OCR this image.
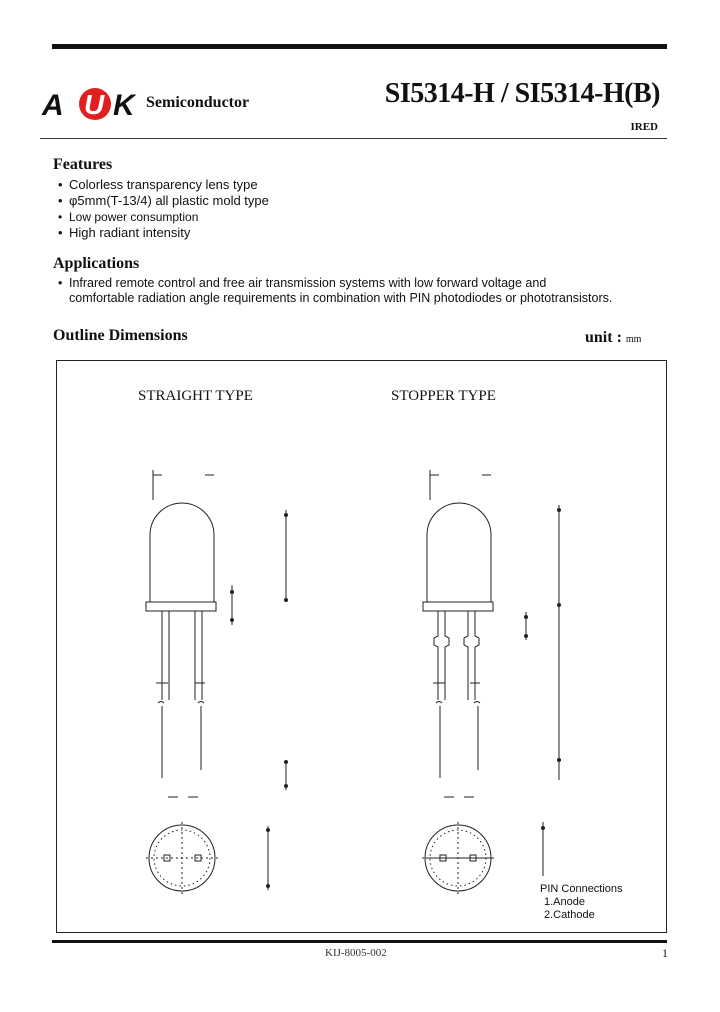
A U K Semiconductor	SI5314-H / SI5314-H(B)
IRED
Features
• Colorless transparency lens type
• φ5mm(T-13/4) all plastic mold type
• Low power consumption
• High radiant intensity
Applications
• Infrared remote control and free air transmission systems with low forward voltage and
comfortable radiation angle requirements in combination with PIN photodiodes or phototransistors.
Outline Dimensions	unit : mm
STRAIGHT TYPE	STOPPER TYPE
PIN Connections
1.Anode
2.Cathode
KIJ-8005-002	1
